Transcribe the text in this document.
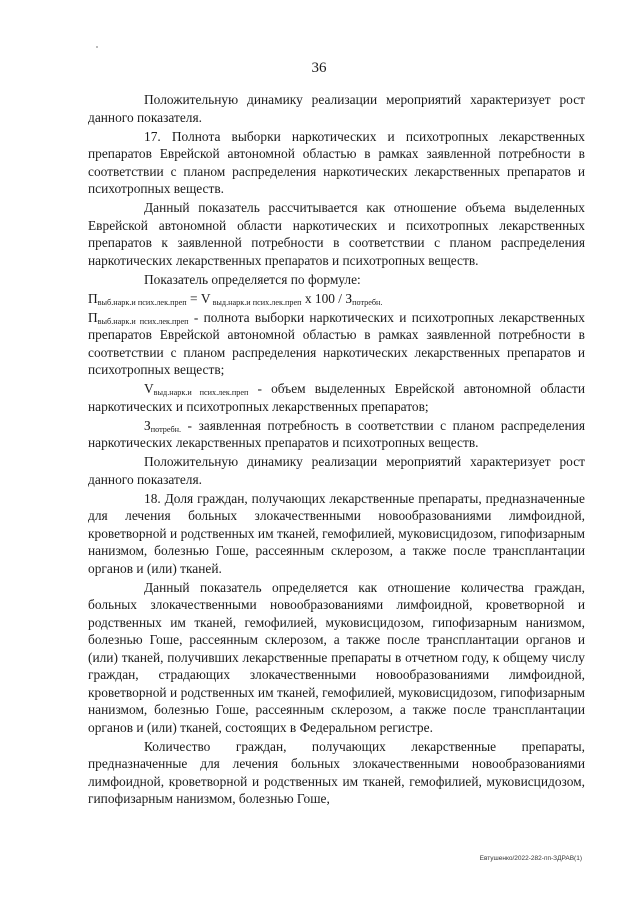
36

Положительную динамику реализации мероприятий характеризует рост данного показателя.

17. Полнота выборки наркотических и психотропных лекарственных препаратов Еврейской автономной областью в рамках заявленной потребности в соответствии с планом распределения наркотических лекарственных препаратов и психотропных веществ.

Данный показатель рассчитывается как отношение объема выделенных Еврейской автономной области наркотических и психотропных лекарственных препаратов к заявленной потребности в соответствии с планом распределения наркотических лекарственных препаратов и психотропных веществ.

Показатель определяется по формуле:

$П_{выб.нарк.и псих.лек.преп} = V$ $_{выд.нарк.и псих.лек.преп}$ х $100 / З_{потребн.}$

$П_{выб.нарк.и псих.лек.преп}$ - полнота выборки наркотических и психотропных лекарственных препаратов Еврейской автономной областью в рамках заявленной потребности в соответствии с планом распределения наркотических лекарственных препаратов и психотропных веществ;

$V_{выд.нарк.и псих.лек.преп}$ - объем выделенных Еврейской автономной области наркотических и психотропных лекарственных препаратов;

$З_{потребн.}$ - заявленная потребность в соответствии с планом распределения наркотических лекарственных препаратов и психотропных веществ.

Положительную динамику реализации мероприятий характеризует рост данного показателя.

18. Доля граждан, получающих лекарственные препараты, предназначенные для лечения больных злокачественными новообразованиями лимфоидной, кроветворной и родственных им тканей, гемофилией, муковисцидозом, гипофизарным нанизмом, болезнью Гоше, рассеянным склерозом, а также после трансплантации органов и (или) тканей.

Данный показатель определяется как отношение количества граждан, больных злокачественными новообразованиями лимфоидной, кроветворной и родственных им тканей, гемофилией, муковисцидозом, гипофизарным нанизмом, болезнью Гоше, рассеянным склерозом, а также после трансплантации органов и (или) тканей, получивших лекарственные препараты в отчетном году, к общему числу граждан, страдающих злокачественными новообразованиями лимфоидной, кроветворной и родственных им тканей, гемофилией, муковисцидозом, гипофизарным нанизмом, болезнью Гоше, рассеянным склерозом, а также после трансплантации органов и (или) тканей, состоящих в Федеральном регистре.

Количество граждан, получающих лекарственные препараты, предназначенные для лечения больных злокачественными новообразованиями лимфоидной, кроветворной и родственных им тканей, гемофилией, муковисцидозом, гипофизарным нанизмом, болезнью Гоше,

Евтушенко/2022-282-пп-ЗДРАВ(1)
